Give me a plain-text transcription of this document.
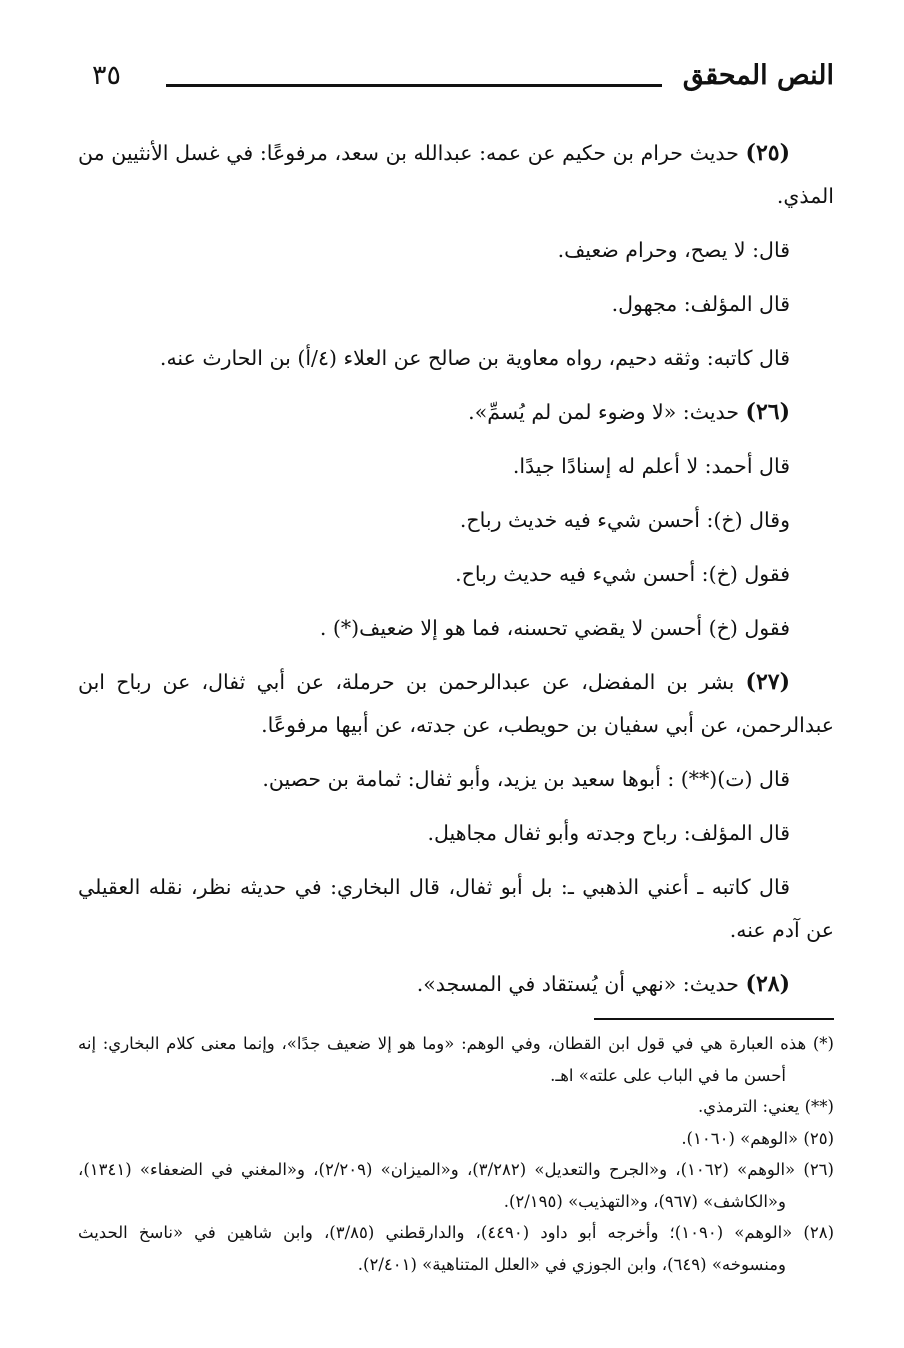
النص المحقق
٣٥

(٢٥) حديث حرام بن حكيم عن عمه: عبدالله بن سعد، مرفوعًا: في غسل الأنثيين من المذي.

قال: لا يصح، وحرام ضعيف.

قال المؤلف: مجهول.

قال كاتبه: وثقه دحيم، رواه معاوية بن صالح عن العلاء (٤/أ) بن الحارث عنه.

(٢٦) حديث: «لا وضوء لمن لم يُسمِّ».

قال أحمد: لا أعلم له إسنادًا جيدًا.

وقال (خ): أحسن شيء فيه خديث رباح.

فقول (خ): أحسن شيء فيه حديث رباح.

فقول (خ) أحسن لا يقضي تحسنه، فما هو إلا ضعيف(*) .

(٢٧) بشر بن المفضل، عن عبدالرحمن بن حرملة، عن أبي ثفال، عن رباح ابن عبدالرحمن، عن أبي سفيان بن حويطب، عن جدته، عن أبيها مرفوعًا.

قال (ت)(**) : أبوها سعيد بن يزيد، وأبو ثفال: ثمامة بن حصين.

قال المؤلف: رباح وجدته وأبو ثفال مجاهيل.

قال كاتبه ـ أعني الذهبي ـ: بل أبو ثفال، قال البخاري: في حديثه نظر، نقله العقيلي عن آدم عنه.

(٢٨) حديث: «نهي أن يُستقاد في المسجد».

(*) هذه العبارة هي في قول ابن القطان، وفي الوهم: «وما هو إلا ضعيف جدًا»، وإنما معنى كلام البخاري: إنه أحسن ما في الباب على علته» اهـ.

(**) يعني: الترمذي.

(٢٥) «الوهم» (١٠٦٠).

(٢٦) «الوهم» (١٠٦٢)، و«الجرح والتعديل» (٣/٢٨٢)، و«الميزان» (٢/٢٠٩)، و«المغني في الضعفاء» (١٣٤١)، و«الكاشف» (٩٦٧)، و«التهذيب» (٢/١٩٥).

(٢٨) «الوهم» (١٠٩٠)؛ وأخرجه أبو داود (٤٤٩٠)، والدارقطني (٣/٨٥)، وابن شاهين في «ناسخ الحديث ومنسوخه» (٦٤٩)، وابن الجوزي في «العلل المتناهية» (٢/٤٠١).
